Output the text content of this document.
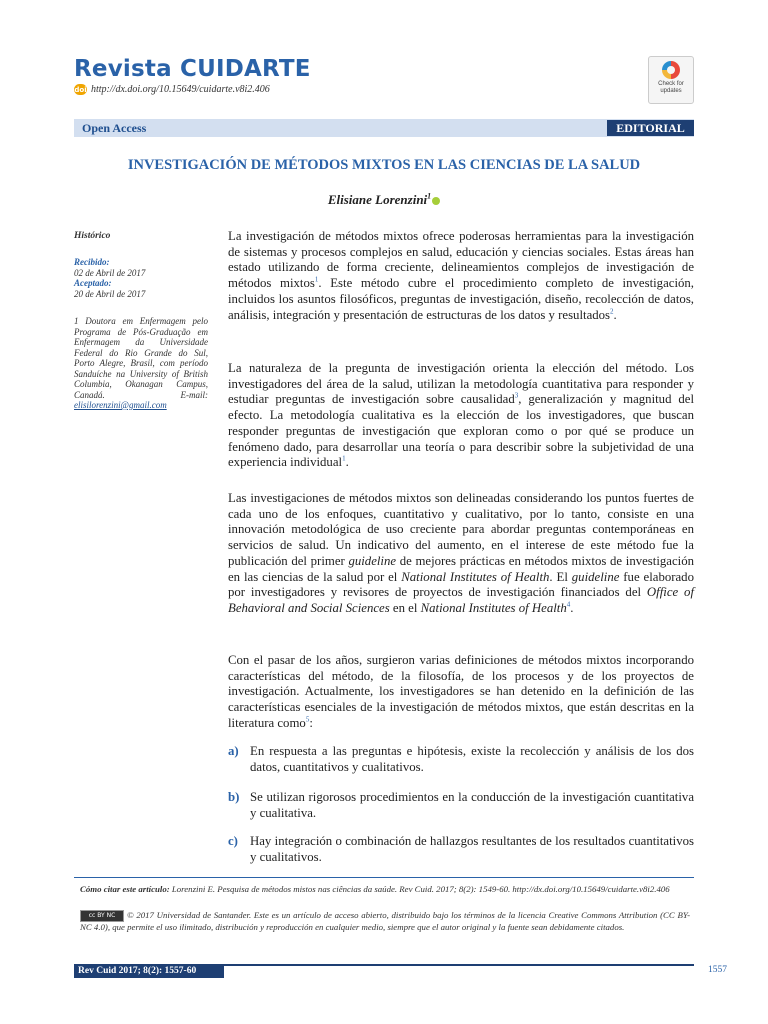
Revista CUIDARTE
doi http://dx.doi.org/10.15649/cuidarte.v8i2.406	Check for
updates
Open Access	EDITORIAL
INVESTIGACIÓN DE MÉTODOS MIXTOS EN LAS CIENCIAS DE LA SALUD
Elisiane Lorenzini$^1$
Histórico
Recibido:
02 de Abril de 2017
Aceptado:
20 de Abril de 2017
1 Doutora em Enfermagem pelo Programa de Pós-Graduação em Enfermagem da Universidade Federal do Rio Grande do Sul, Porto Alegre, Brasil, com período Sanduíche na University of British Columbia, Okanagan Campus, Canadá. E-mail: elisilorenzini@gmail.com

La investigación de métodos mixtos ofrece poderosas herramientas para la investigación de sistemas y procesos complejos en salud, educación y ciencias sociales. Estas áreas han estado utilizando de forma creciente, delineamientos complejos de investigación de métodos mixtos$^1$. Este método cubre el procedimiento completo de investigación, incluidos los asuntos filosóficos, preguntas de investigación, diseño, recolección de datos, análisis, integración y presentación de estructuras de los datos y resultados$^2$.

La naturaleza de la pregunta de investigación orienta la elección del método. Los investigadores del área de la salud, utilizan la metodología cuantitativa para responder y estudiar preguntas de investigación sobre causalidad$^3$, generalización y magnitud del efecto. La metodología cualitativa es la elección de los investigadores, que buscan responder preguntas de investigación que exploran como o por qué se produce un fenómeno dado, para desarrollar una teoría o para describir sobre la subjetividad de una experiencia individual$^1$.

Las investigaciones de métodos mixtos son delineadas considerando los puntos fuertes de cada uno de los enfoques, cuantitativo y cualitativo, por lo tanto, consiste en una innovación metodológica de uso creciente para abordar preguntas contemporáneas en servicios de salud. Un indicativo del aumento, en el interese de este método fue la publicación del primer guideline de mejores prácticas en métodos mixtos de investigación en las ciencias de la salud por el National Institutes of Health. El guideline fue elaborado por investigadores y revisores de proyectos de investigación financiados del Office of Behavioral and Social Sciences en el National Institutes of Health$^4$.

Con el pasar de los años, surgieron varias definiciones de métodos mixtos incorporando características del método, de la filosofía, de los procesos y de los proyectos de investigación. Actualmente, los investigadores se han detenido en la definición de las características esenciales de la investigación de métodos mixtos, que están descritas en la literatura como$^5$:

a) En respuesta a las preguntas e hipótesis, existe la recolección y análisis de los dos datos, cuantitativos y cualitativos.
b) Se utilizan rigorosos procedimientos en la conducción de la investigación cuantitativa y cualitativa.
c) Hay integración o combinación de hallazgos resultantes de los resultados cuantitativos y cualitativos.
Cómo citar este artículo: Lorenzini E. Pesquisa de métodos mistos nas ciências da saúde. Rev Cuid. 2017; 8(2): 1549-60. http://dx.doi.org/10.15649/cuidarte.v8i2.406
cc BY NC © 2017 Universidad de Santander. Este es un artículo de acceso abierto, distribuido bajo los términos de la licencia Creative Commons Attribution (CC BY-NC 4.0), que permite el uso ilimitado, distribución y reproducción en cualquier medio, siempre que el autor original y la fuente sean debidamente citados.
Rev Cuid 2017; 8(2): 1557-60	1557
